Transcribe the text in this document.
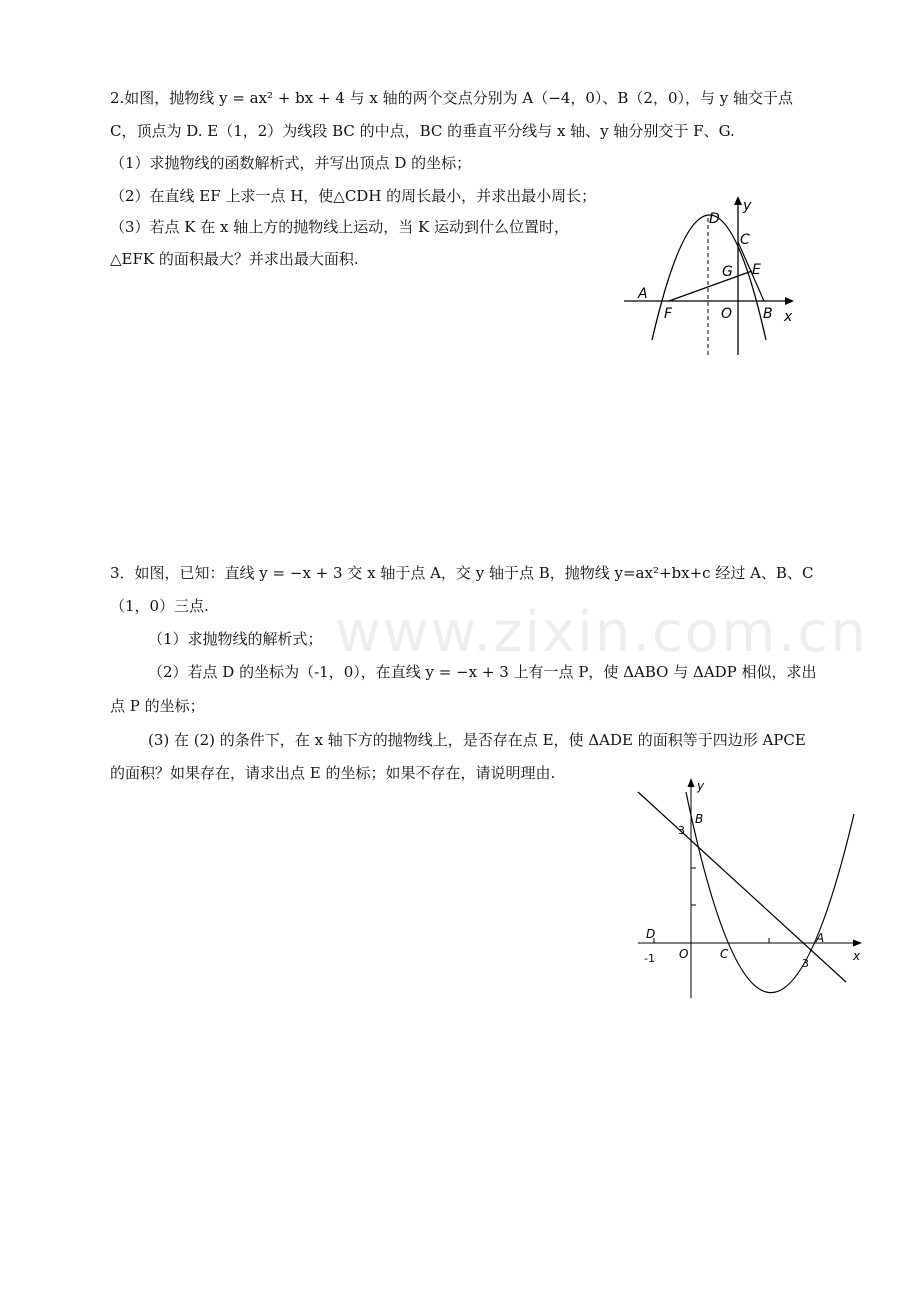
2.如图，抛物线 y = ax² + bx + 4 与 x 轴的两个交点分别为 A（−4，0）、B（2，0），与 y 轴交于点
C，顶点为 D. E（1，2）为线段 BC 的中点，BC 的垂直平分线与 x 轴、y 轴分别交于 F、G.
（1）求抛物线的函数解析式，并写出顶点 D 的坐标；
（2）在直线 EF 上求一点 H，使△CDH 的周长最小，并求出最小周长；
（3）若点 K 在 x 轴上方的抛物线上运动，当 K 运动到什么位置时，
△EFK 的面积最大？并求出最大面积.
D
y
C
G E
A
F	O B x
www.zixin.com.cn
3．如图，已知：直线 y = −x + 3 交 x 轴于点 A，交 y 轴于点 B，抛物线 y=ax²+bx+c 经过 A、B、C
（1，0）三点.
（1）求抛物线的解析式；
（2）若点 D 的坐标为（-1，0），在直线 y = −x + 3 上有一点 P，使 ΔABO 与 ΔADP 相似，求出
点 P 的坐标；
(3) 在 (2) 的条件下，在 x 轴下方的抛物线上，是否存在点 E，使 ΔADE 的面积等于四边形 APCE
的面积？如果存在，请求出点 E 的坐标；如果不存在，请说明理由.
y
B
3
D
-1 O	C
A
3
x
